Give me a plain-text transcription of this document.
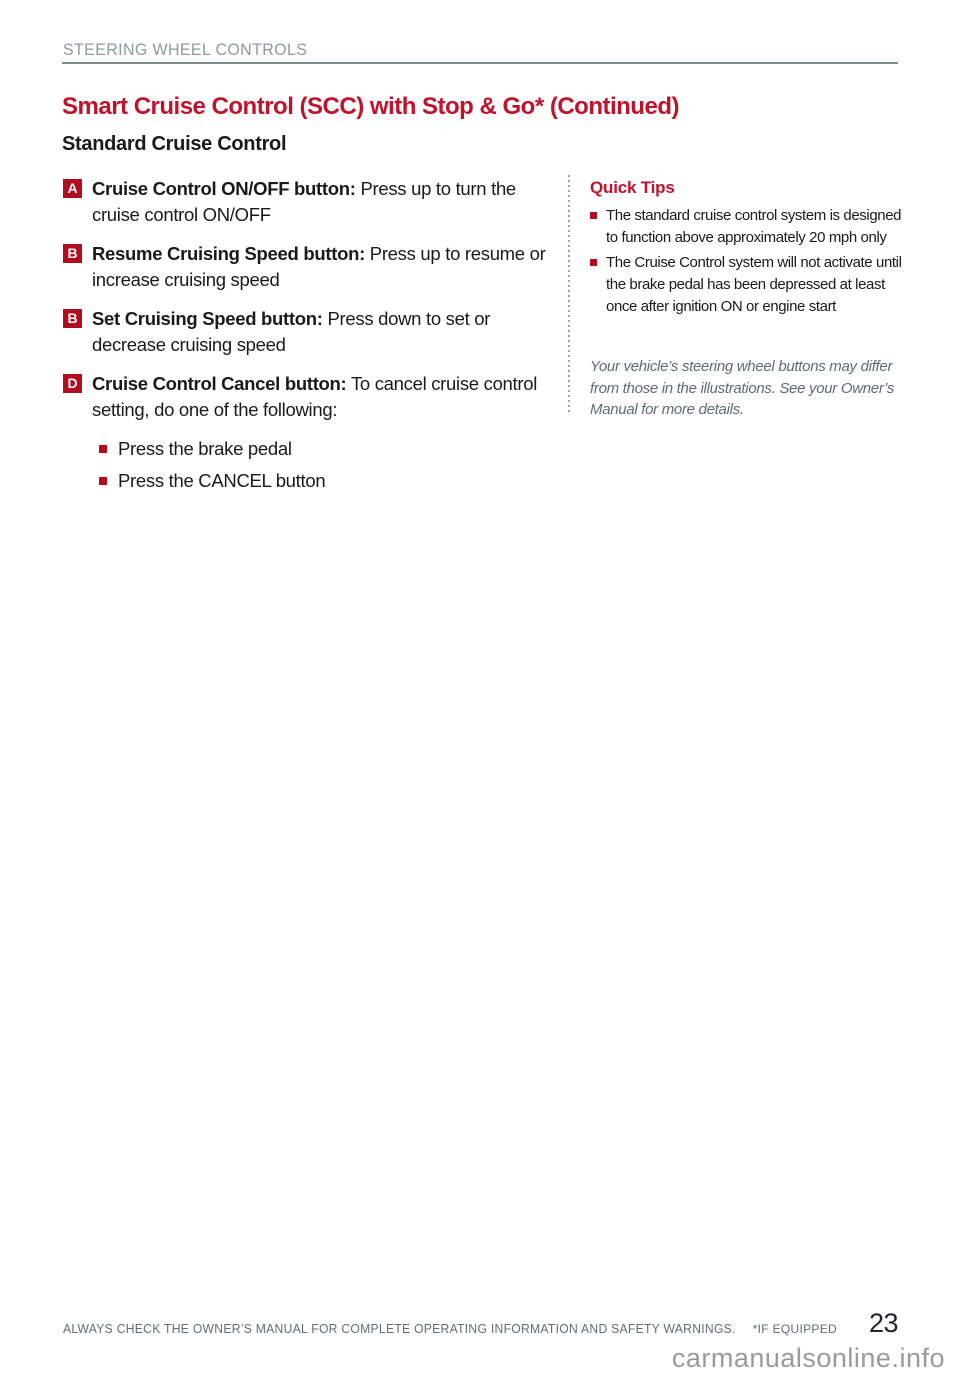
STEERING WHEEL CONTROLS
Smart Cruise Control (SCC) with Stop & Go* (Continued)
Standard Cruise Control
A Cruise Control ON/OFF button: Press up to turn the cruise control ON/OFF

B Resume Cruising Speed button: Press up to resume or increase cruising speed

B Set Cruising Speed button: Press down to set or decrease cruising speed

D Cruise Control Cancel button: To cancel cruise control setting, do one of the following:

Press the brake pedal
Press the CANCEL button
Quick Tips
The standard cruise control system is designed to function above approximately 20 mph only
The Cruise Control system will not activate until the brake pedal has been depressed at least once after ignition ON or engine start

Your vehicle’s steering wheel buttons may differ from those in the illustrations. See your Owner’s Manual for more details.

ALWAYS CHECK THE OWNER’S MANUAL FOR COMPLETE OPERATING INFORMATION AND SAFETY WARNINGS. *IF EQUIPPED 23
carmanualsonline.info
